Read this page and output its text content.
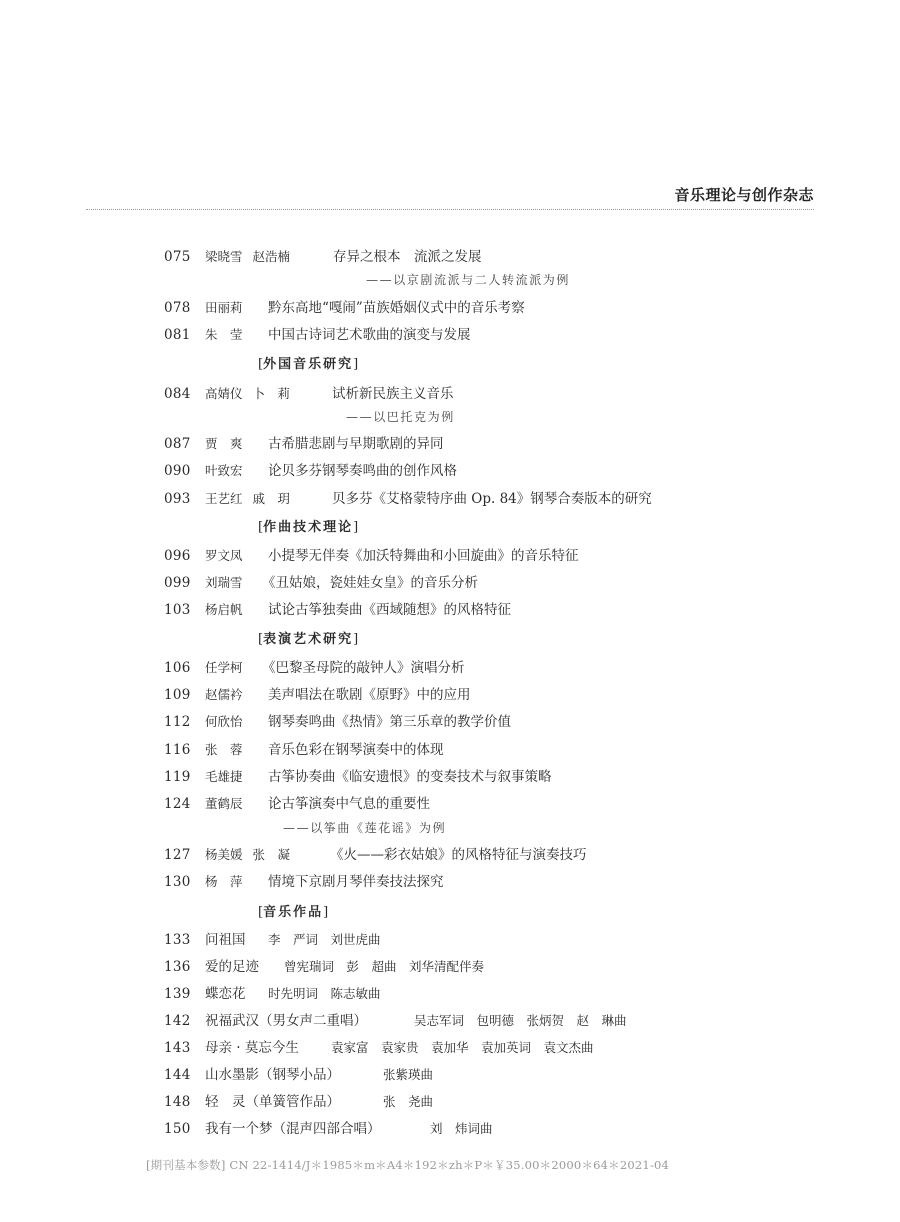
音乐理论与创作杂志
075 梁晓雪 赵浩楠	存异之根本　流派之发展
——以京剧流派与二人转流派为例
078 田丽莉 黔东高地“嘎闹”苗族婚姻仪式中的音乐考察
081 朱　莹 中国古诗词艺术歌曲的演变与发展
[外国音乐研究]
084 高婧仪 卜　莉	试析新民族主义音乐
——以巴托克为例
087 贾　爽 古希腊悲剧与早期歌剧的异同
090 叶致宏 论贝多芬钢琴奏鸣曲的创作风格
093 王艺红 戚　玥	贝多芬《艾格蒙特序曲 Op. 84》钢琴合奏版本的研究
[作曲技术理论]
096 罗文凤 小提琴无伴奏《加沃特舞曲和小回旋曲》的音乐特征
099 刘瑞雪 《丑姑娘，瓷娃娃女皇》的音乐分析
103 杨启帆 试论古筝独奏曲《西域随想》的风格特征
[表演艺术研究]
106 任学柯 《巴黎圣母院的敲钟人》演唱分析
109 赵儒衿 美声唱法在歌剧《原野》中的应用
112 何欣怡 钢琴奏鸣曲《热情》第三乐章的教学价值
116 张　蓉 音乐色彩在钢琴演奏中的体现
119 毛雄捷 古筝协奏曲《临安遗恨》的变奏技术与叙事策略
124 董鹤辰 论古筝演奏中气息的重要性
——以筝曲《莲花谣》为例
127 杨美媛 张　凝	《火——彩衣姑娘》的风格特征与演奏技巧
130 杨　萍 情境下京剧月琴伴奏技法探究
[音乐作品]
133 问祖国 李　严词　刘世虎曲
136 爱的足迹 曾宪瑞词　彭　超曲　刘华清配伴奏
139 蝶恋花 时先明词　陈志敏曲
142 祝福武汉（男女声二重唱）	吴志军词　包明德　张炳贺　赵　琳曲
143 母亲 · 莫忘今生	袁家富　袁家贵　袁加华　袁加英词　袁文杰曲
144 山水墨影（钢琴小品）	张紫瑛曲
148 轻　灵（单簧管作品）	张　尧曲
150 我有一个梦（混声四部合唱）	刘　炜词曲
[期刊基本参数] CN 22-1414/J＊1985＊m＊A4＊192＊zh＊P＊￥35.00＊2000＊64＊2021-04
